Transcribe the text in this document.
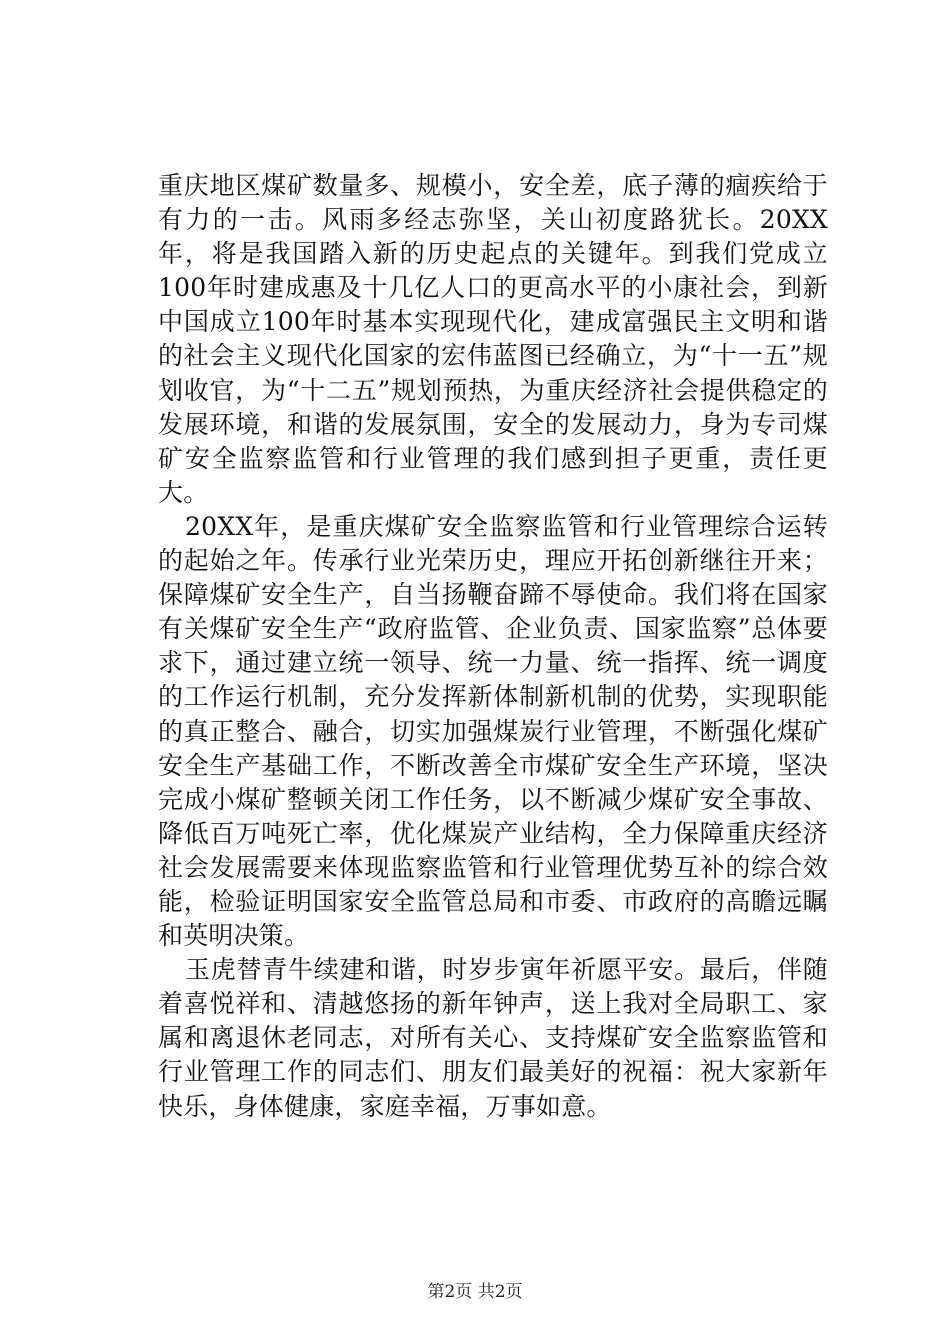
重庆地区煤矿数量多、规模小，安全差，底子薄的痼疾给于有力的一击。风雨多经志弥坚，关山初度路犹长。20XX年，将是我国踏入新的历史起点的关键年。到我们党成立100年时建成惠及十几亿人口的更高水平的小康社会，到新中国成立100年时基本实现现代化，建成富强民主文明和谐的社会主义现代化国家的宏伟蓝图已经确立，为“十一五”规划收官，为“十二五”规划预热，为重庆经济社会提供稳定的发展环境，和谐的发展氛围，安全的发展动力，身为专司煤矿安全监察监管和行业管理的我们感到担子更重，责任更大。

20XX年，是重庆煤矿安全监察监管和行业管理综合运转的起始之年。传承行业光荣历史，理应开拓创新继往开来；保障煤矿安全生产，自当扬鞭奋蹄不辱使命。我们将在国家有关煤矿安全生产“政府监管、企业负责、国家监察”总体要求下，通过建立统一领导、统一力量、统一指挥、统一调度的工作运行机制，充分发挥新体制新机制的优势，实现职能的真正整合、融合，切实加强煤炭行业管理，不断强化煤矿安全生产基础工作，不断改善全市煤矿安全生产环境，坚决完成小煤矿整顿关闭工作任务，以不断减少煤矿安全事故、降低百万吨死亡率，优化煤炭产业结构，全力保障重庆经济社会发展需要来体现监察监管和行业管理优势互补的综合效能，检验证明国家安全监管总局和市委、市政府的高瞻远瞩和英明决策。

玉虎替青牛续建和谐，时岁步寅年祈愿平安。最后，伴随着喜悦祥和、清越悠扬的新年钟声，送上我对全局职工、家属和离退休老同志，对所有关心、支持煤矿安全监察监管和行业管理工作的同志们、朋友们最美好的祝福：祝大家新年快乐，身体健康，家庭幸福，万事如意。

第2页 共2页
